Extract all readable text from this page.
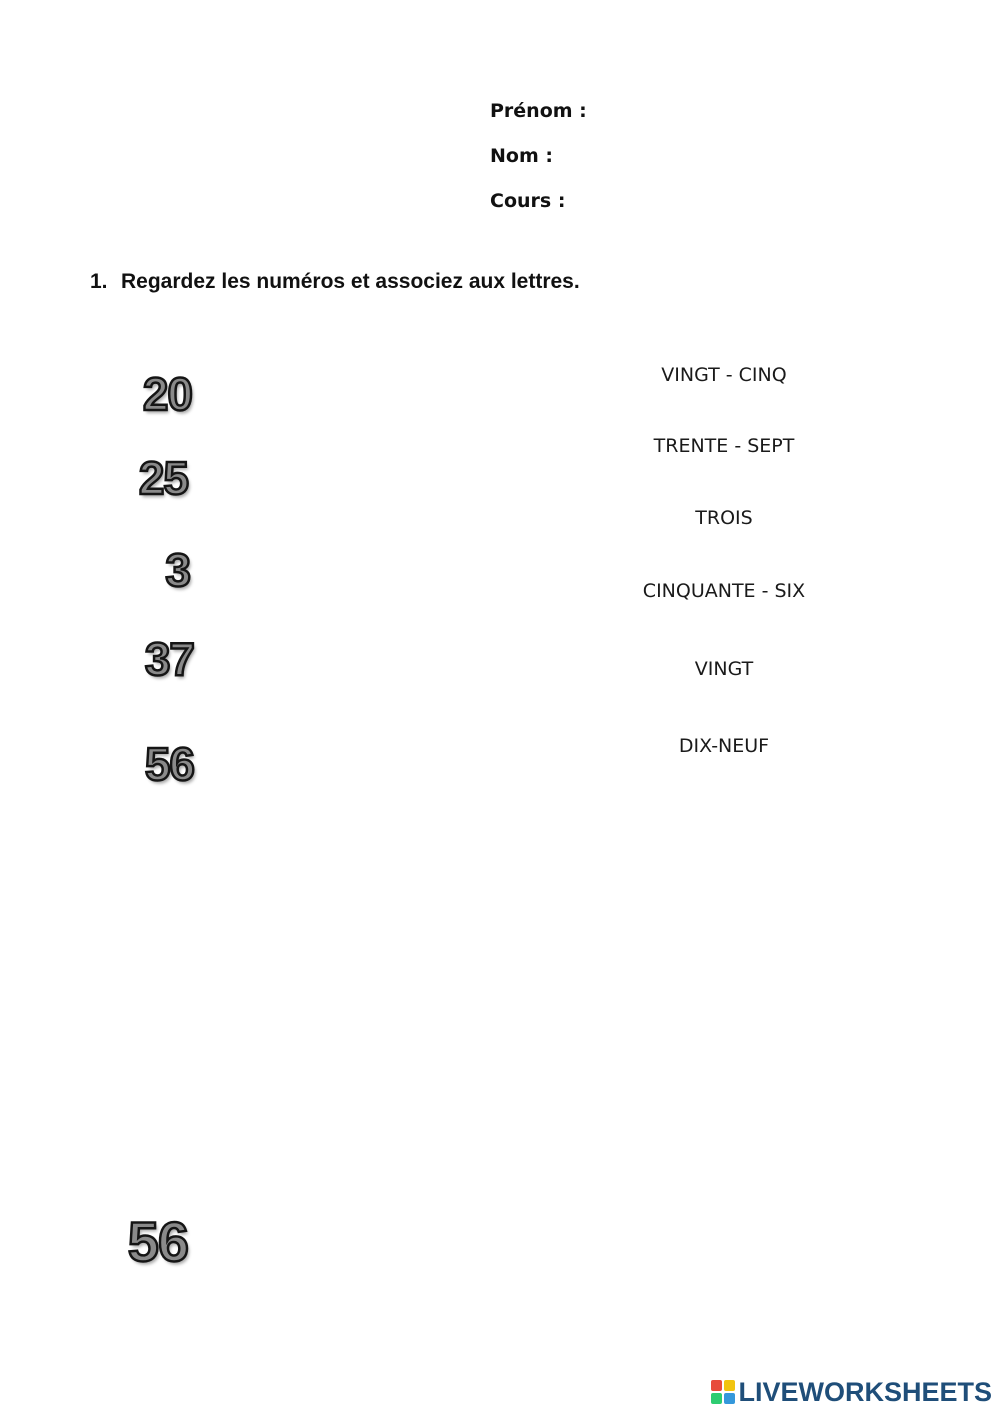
Prénom :
Nom :
Cours :
1. Regardez les numéros et associez aux lettres.
20
25
3
37
56
VINGT - CINQ
TRENTE - SEPT
TROIS
CINQUANTE - SIX
VINGT
DIX-NEUF
56
LIVEWORKSHEETS
